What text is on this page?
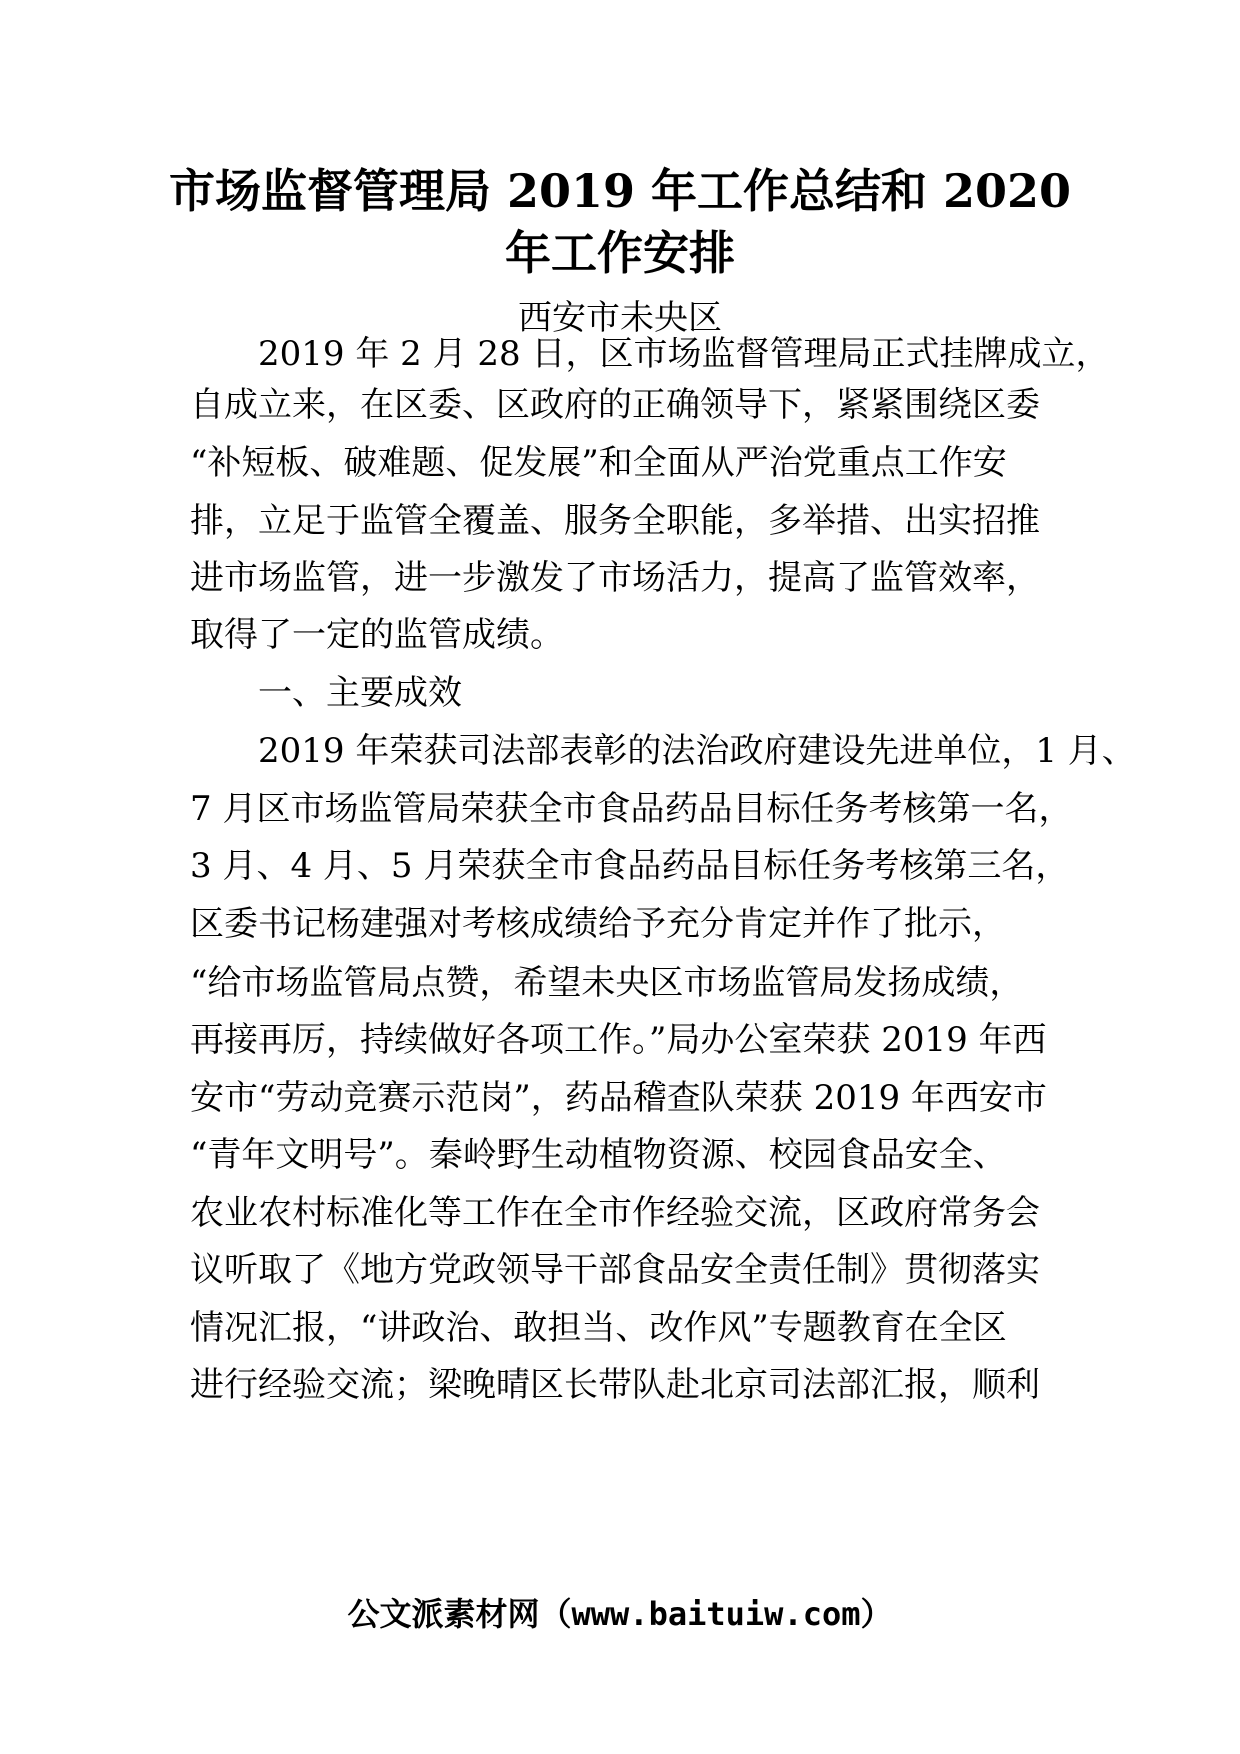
市场监督管理局 2019 年工作总结和 2020
年工作安排

西安市未央区

2019 年 2 月 28 日，区市场监督管理局正式挂牌成立，

自成立来，在区委、区政府的正确领导下，紧紧围绕区委

“补短板、破难题、促发展”和全面从严治党重点工作安

排，立足于监管全覆盖、服务全职能，多举措、出实招推

进市场监管，进一步激发了市场活力，提高了监管效率，

取得了一定的监管成绩。

一、主要成效

2019 年荣获司法部表彰的法治政府建设先进单位，1 月、

7 月区市场监管局荣获全市食品药品目标任务考核第一名，

3 月、4 月、5 月荣获全市食品药品目标任务考核第三名，

区委书记杨建强对考核成绩给予充分肯定并作了批示，

“给市场监管局点赞，希望未央区市场监管局发扬成绩，

再接再厉，持续做好各项工作。”局办公室荣获 2019 年西

安市“劳动竞赛示范岗”，药品稽查队荣获 2019 年西安市

“青年文明号”。秦岭野生动植物资源、校园食品安全、

农业农村标准化等工作在全市作经验交流，区政府常务会

议听取了《地方党政领导干部食品安全责任制》贯彻落实

情况汇报，“讲政治、敢担当、改作风”专题教育在全区

进行经验交流；梁晚晴区长带队赴北京司法部汇报，顺利

公文派素材网（www.baituiw.com）
